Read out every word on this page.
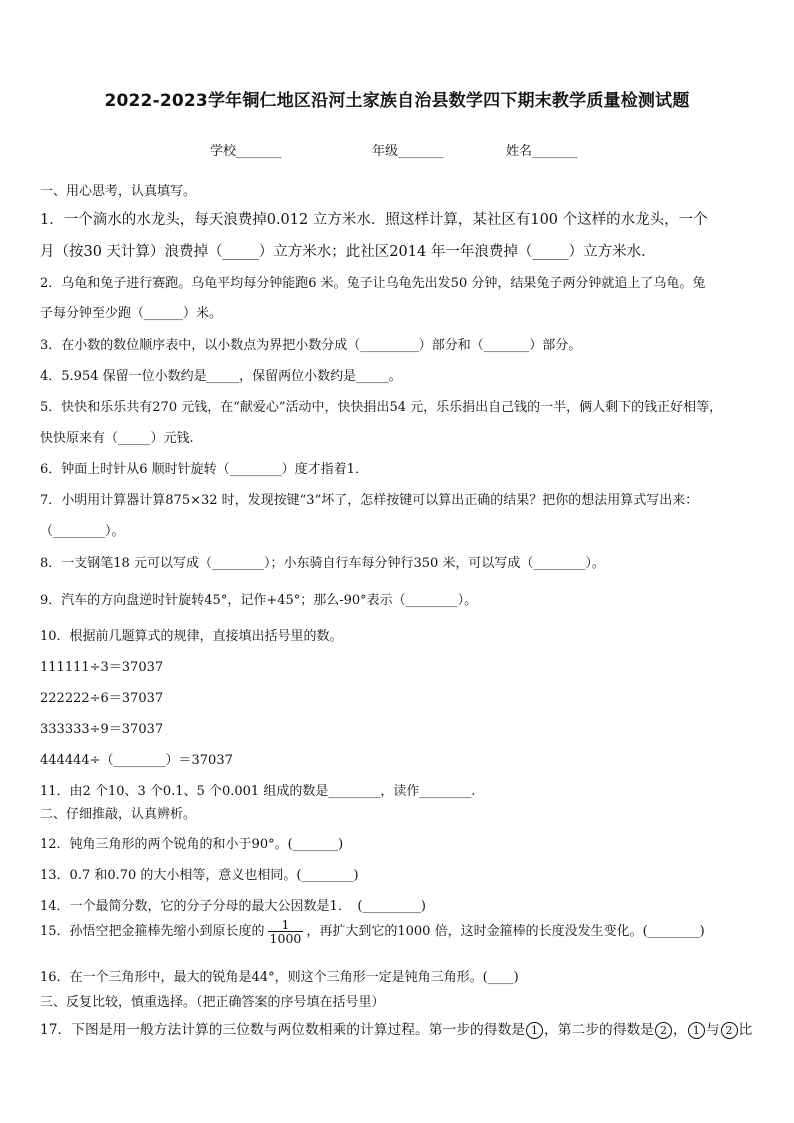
2022-2023学年铜仁地区沿河土家族自治县数学四下期末教学质量检测试题
学校_______	年级_______	姓名_______
一、用心思考，认真填写。
1．一个滴水的水龙头，每天浪费掉0.012 立方米水．照这样计算，某社区有100 个这样的水龙头，一个
月（按30 天计算）浪费掉（_____）立方米水；此社区2014 年一年浪费掉（_____）立方米水．
2．乌龟和兔子进行赛跑。乌龟平均每分钟能跑6 米。兔子让乌龟先出发50 分钟，结果兔子两分钟就追上了乌龟。兔
子每分钟至少跑（______）米。
3．在小数的数位顺序表中，以小数点为界把小数分成（_________）部分和（_______）部分。
4．5.954 保留一位小数约是_____，保留两位小数约是_____。
5．快快和乐乐共有270 元钱，在“献爱心”活动中，快快捐出54 元，乐乐捐出自己钱的一半，俩人剩下的钱正好相等，
快快原来有（_____）元钱.
6．钟面上时针从6 顺时针旋转（________）度才指着1．
7．小明用计算器计算875×32 时，发现按键“3”坏了，怎样按键可以算出正确的结果？把你的想法用算式写出来：
（________）。
8．一支钢笔18 元可以写成（________）；小东骑自行车每分钟行350 米，可以写成（________）。
9．汽车的方向盘逆时针旋转45°，记作+45°；那么-90°表示（________）。
10．根据前几题算式的规律，直接填出括号里的数。
111111÷3＝37037
222222÷6＝37037
333333÷9＝37037
444444÷（________）＝37037
11．由2 个10、3 个0.1、5 个0.001 组成的数是________，读作________.
二、仔细推敲，认真辨析。
12．钝角三角形的两个锐角的和小于90°。(_______)
13．0.7 和0.70 的大小相等，意义也相同。(________)
14．一个最简分数，它的分子分母的最大公因数是1．　(_________)
15．孙悟空把金箍棒先缩小到原长度的 $\frac{1}{1000}$ ，再扩大到它的1000 倍，这时金箍棒的长度没发生变化。(________)
16．在一个三角形中，最大的锐角是44°，则这个三角形一定是钝角三角形。(____)
三、反复比较，慎重选择。（把正确答案的序号填在括号里）
17．下图是用一般方法计算的三位数与两位数相乘的计算过程。第一步的得数是 1 ，第二步的得数是 2 ， 1 与 2 比
